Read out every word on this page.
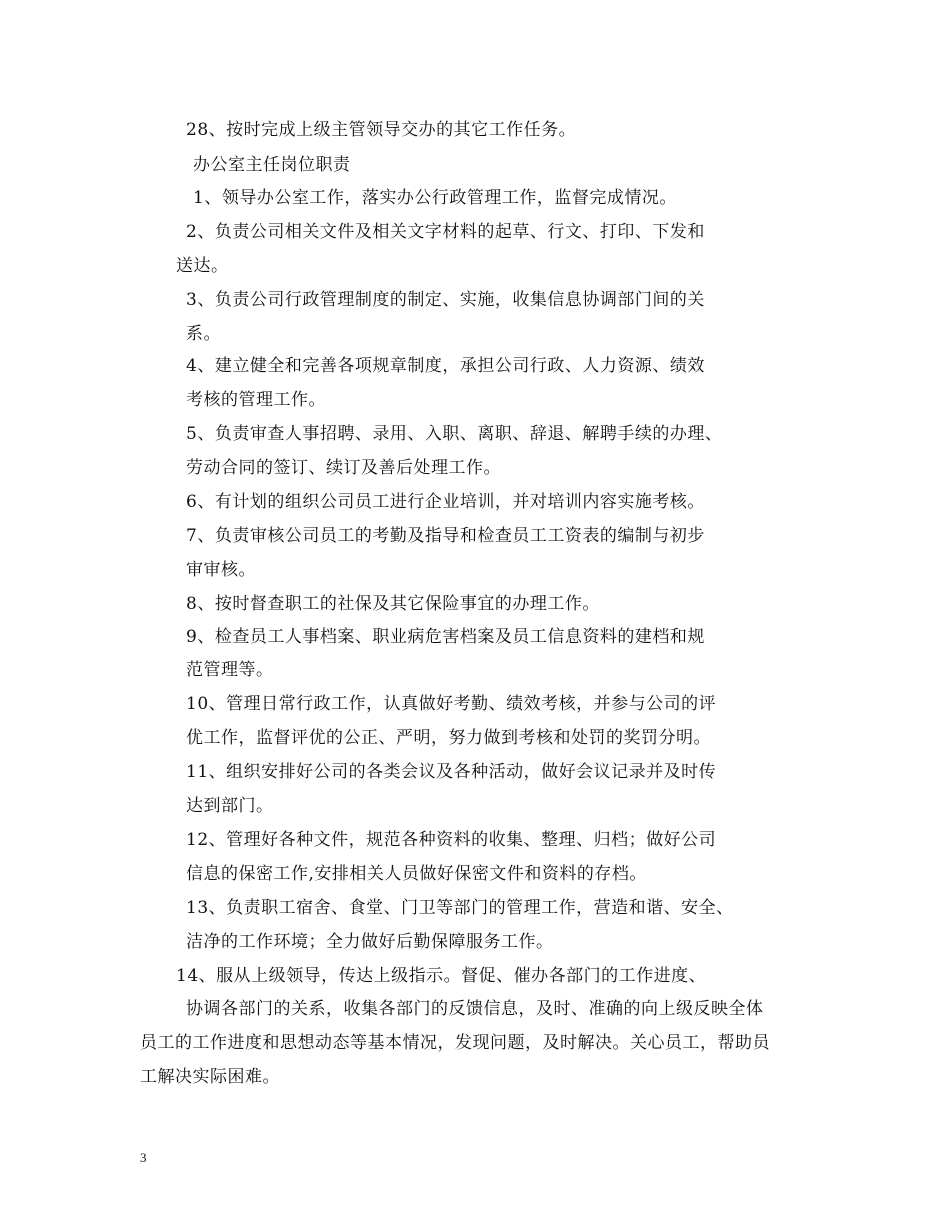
28、按时完成上级主管领导交办的其它工作任务。
办公室主任岗位职责
1、领导办公室工作，落实办公行政管理工作，监督完成情况。
2、负责公司相关文件及相关文字材料的起草、行文、打印、下发和
送达。
3、负责公司行政管理制度的制定、实施，收集信息协调部门间的关
系。
4、建立健全和完善各项规章制度，承担公司行政、人力资源、绩效
考核的管理工作。
5、负责审查人事招聘、录用、入职、离职、辞退、解聘手续的办理、
劳动合同的签订、续订及善后处理工作。
6、有计划的组织公司员工进行企业培训，并对培训内容实施考核。
7、负责审核公司员工的考勤及指导和检查员工工资表的编制与初步
审审核。
8、按时督查职工的社保及其它保险事宜的办理工作。
9、检查员工人事档案、职业病危害档案及员工信息资料的建档和规
范管理等。
10、管理日常行政工作，认真做好考勤、绩效考核，并参与公司的评
优工作，监督评优的公正、严明，努力做到考核和处罚的奖罚分明。
11、组织安排好公司的各类会议及各种活动，做好会议记录并及时传
达到部门。
12、管理好各种文件，规范各种资料的收集、整理、归档；做好公司
信息的保密工作,安排相关人员做好保密文件和资料的存档。
13、负责职工宿舍、食堂、门卫等部门的管理工作，营造和谐、安全、
洁净的工作环境；全力做好后勤保障服务工作。
14、服从上级领导，传达上级指示。督促、催办各部门的工作进度、
协调各部门的关系，收集各部门的反馈信息，及时、准确的向上级反映全体
员工的工作进度和思想动态等基本情况，发现问题，及时解决。关心员工，帮助员
工解决实际困难。
3
